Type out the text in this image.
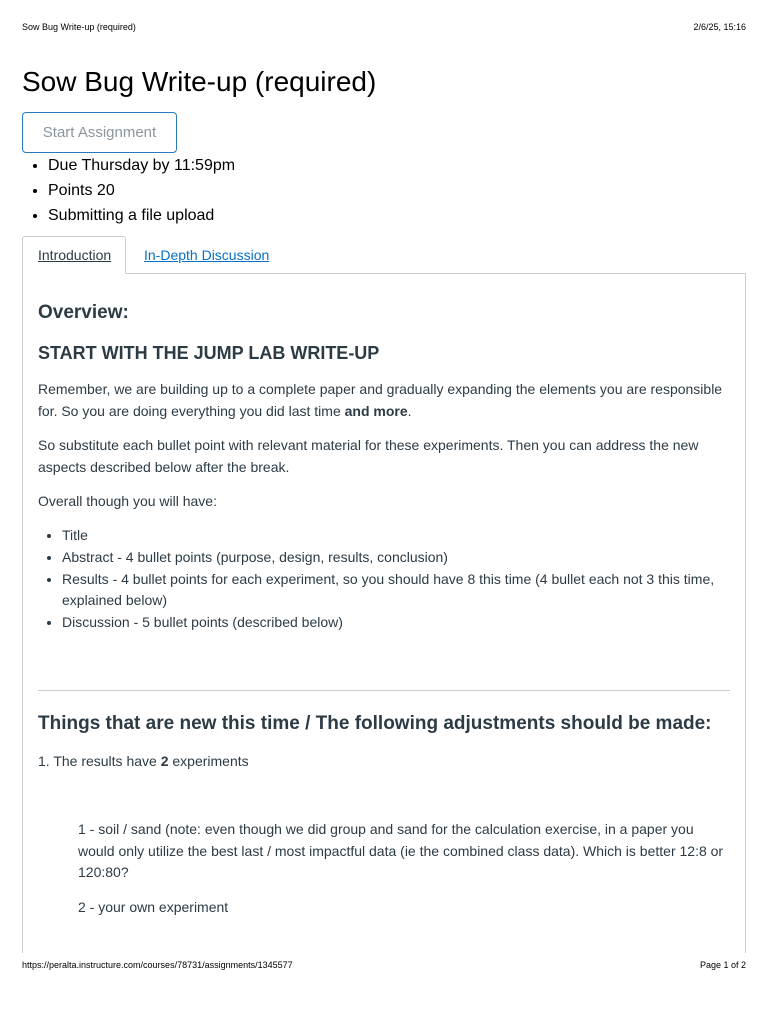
Sow Bug Write-up (required)	2/6/25, 15:16
Sow Bug Write-up (required)
Start Assignment
• Due Thursday by 11:59pm
• Points 20
• Submitting a file upload
Introduction In-Depth Discussion
Overview:
START WITH THE JUMP LAB WRITE-UP

Remember, we are building up to a complete paper and gradually expanding the elements you are responsible for. So you are doing everything you did last time and more.

So substitute each bullet point with relevant material for these experiments. Then you can address the new aspects described below after the break.

Overall though you will have:

• Title
• Abstract - 4 bullet points (purpose, design, results, conclusion)
• Results - 4 bullet points for each experiment, so you should have 8 this time (4 bullet each not 3 this time, explained below)
• Discussion - 5 bullet points (described below)
Things that are new this time / The following adjustments should be made:

1. The results have 2 experiments

1 - soil / sand (note: even though we did group and sand for the calculation exercise, in a paper you would only utilize the best last / most impactful data (ie the combined class data). Which is better 12:8 or 120:80?

2 - your own experiment

https://peralta.instructure.com/courses/78731/assignments/1345577	Page 1 of 2
